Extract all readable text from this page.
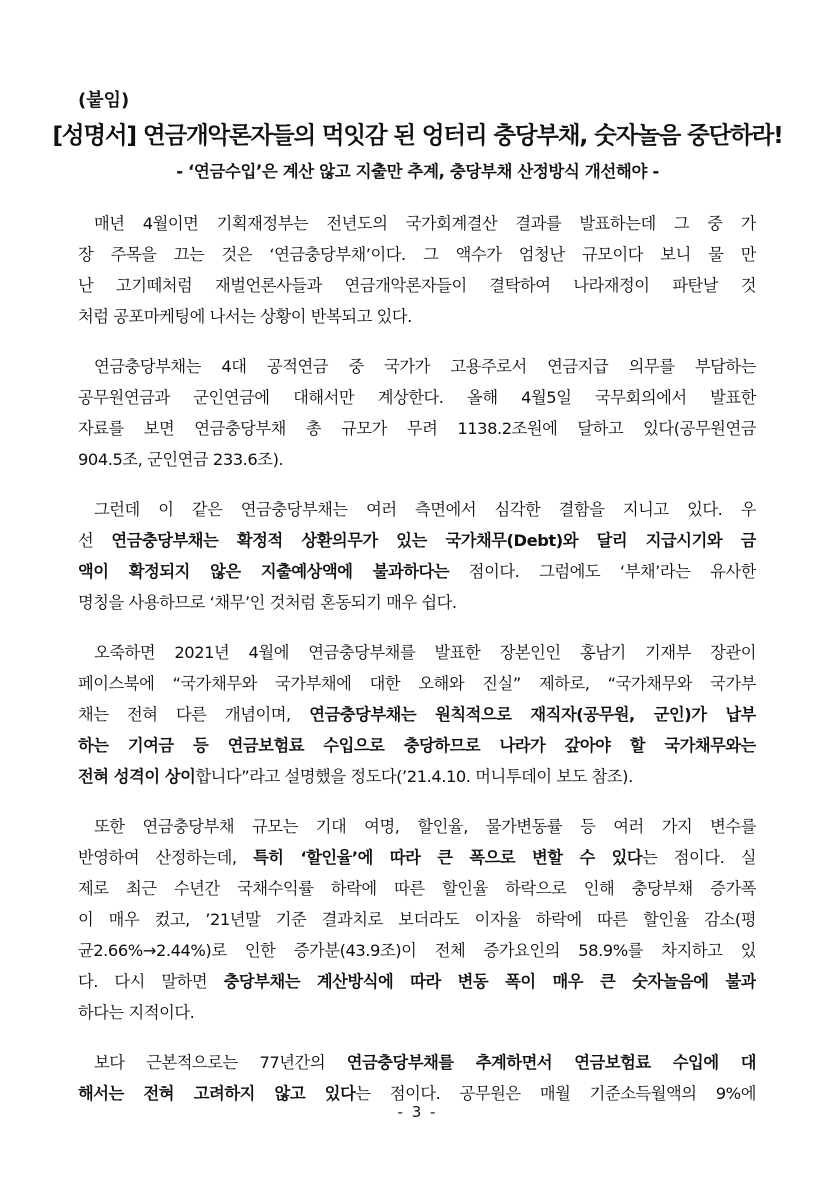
(붙임)
[성명서] 연금개악론자들의 먹잇감 된 엉터리 충당부채, 숫자놀음 중단하라!
- ‘연금수입’은 계산 않고 지출만 추계, 충당부채 산정방식 개선해야 -
매년 4월이면 기획재정부는 전년도의 국가회계결산 결과를 발표하는데 그 중 가
장 주목을 끄는 것은 ‘연금충당부채’이다. 그 액수가 엄청난 규모이다 보니 물 만
난 고기떼처럼 재벌언론사들과 연금개악론자들이 결탁하여 나라재정이 파탄날 것
처럼 공포마케팅에 나서는 상황이 반복되고 있다.
연금충당부채는 4대 공적연금 중 국가가 고용주로서 연금지급 의무를 부담하는
공무원연금과 군인연금에 대해서만 계상한다. 올해 4월5일 국무회의에서 발표한
자료를 보면 연금충당부채 총 규모가 무려 1138.2조원에 달하고 있다(공무원연금
904.5조, 군인연금 233.6조).
그런데 이 같은 연금충당부채는 여러 측면에서 심각한 결함을 지니고 있다. 우
선 연금충당부채는 확정적 상환의무가 있는 국가채무(Debt)와 달리 지급시기와 금
액이 확정되지 않은 지출예상액에 불과하다는 점이다. 그럼에도 ‘부채’라는 유사한
명칭을 사용하므로 ‘채무’인 것처럼 혼동되기 매우 쉽다.
오죽하면 2021년 4월에 연금충당부채를 발표한 장본인인 홍남기 기재부 장관이
페이스북에 “국가채무와 국가부채에 대한 오해와 진실” 제하로, “국가채무와 국가부
채는 전혀 다른 개념이며, 연금충당부채는 원칙적으로 재직자(공무원, 군인)가 납부
하는 기여금 등 연금보험료 수입으로 충당하므로 나라가 갚아야 할 국가채무와는
전혀 성격이 상이합니다”라고 설명했을 정도다(’21.4.10. 머니투데이 보도 참조).
또한 연금충당부채 규모는 기대 여명, 할인율, 물가변동률 등 여러 가지 변수를
반영하여 산정하는데, 특히 ‘할인율’에 따라 큰 폭으로 변할 수 있다는 점이다. 실
제로 최근 수년간 국채수익률 하락에 따른 할인율 하락으로 인해 충당부채 증가폭
이 매우 컸고, ’21년말 기준 결과치로 보더라도 이자율 하락에 따른 할인율 감소(평
균2.66%→2.44%)로 인한 증가분(43.9조)이 전체 증가요인의 58.9%를 차지하고 있
다. 다시 말하면 충당부채는 계산방식에 따라 변동 폭이 매우 큰 숫자놀음에 불과
하다는 지적이다.
보다 근본적으로는 77년간의 연금충당부채를 추계하면서 연금보험료 수입에 대
해서는 전혀 고려하지 않고 있다는 점이다. 공무원은 매월 기준소득월액의 9%에
- 3 -
